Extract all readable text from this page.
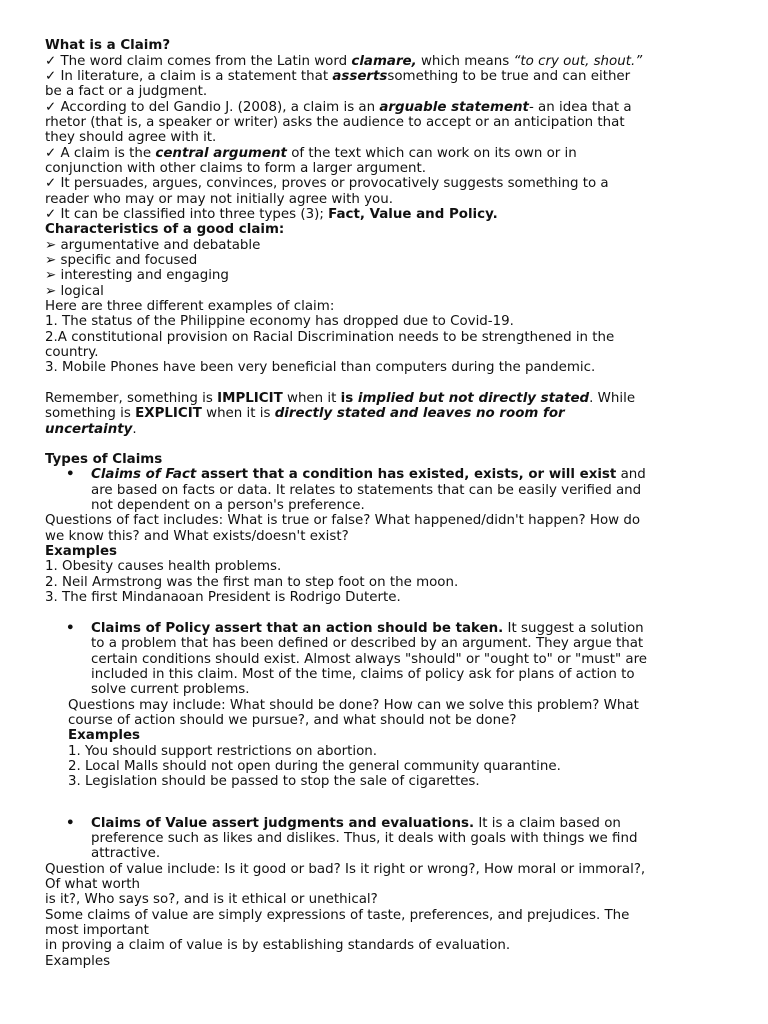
What is a Claim?
✓ The word claim comes from the Latin word clamare, which means “to cry out, shout.”
✓ In literature, a claim is a statement that assertssomething to be true and can either
be a fact or a judgment.
✓ According to del Gandio J. (2008), a claim is an arguable statement- an idea that a
rhetor (that is, a speaker or writer) asks the audience to accept or an anticipation that
they should agree with it.
✓ A claim is the central argument of the text which can work on its own or in
conjunction with other claims to form a larger argument.
✓ It persuades, argues, convinces, proves or provocatively suggests something to a
reader who may or may not initially agree with you.
✓ It can be classified into three types (3); Fact, Value and Policy.
Characteristics of a good claim:
➢ argumentative and debatable
➢ specific and focused
➢ interesting and engaging
➢ logical
Here are three different examples of claim:
1. The status of the Philippine economy has dropped due to Covid-19.
2.A constitutional provision on Racial Discrimination needs to be strengthened in the
country.
3. Mobile Phones have been very beneficial than computers during the pandemic.
Remember, something is IMPLICIT when it is implied but not directly stated. While
something is EXPLICIT when it is directly stated and leaves no room for
uncertainty.
Types of Claims
• Claims of Fact assert that a condition has existed, exists, or will exist and
are based on facts or data. It relates to statements that can be easily verified and
not dependent on a person's preference.
Questions of fact includes: What is true or false? What happened/didn't happen? How do
we know this? and What exists/doesn't exist?
Examples
1. Obesity causes health problems.
2. Neil Armstrong was the first man to step foot on the moon.
3. The first Mindanaoan President is Rodrigo Duterte.
• Claims of Policy assert that an action should be taken. It suggest a solution
to a problem that has been defined or described by an argument. They argue that
certain conditions should exist. Almost always "should" or "ought to" or "must" are
included in this claim. Most of the time, claims of policy ask for plans of action to
solve current problems.
Questions may include: What should be done? How can we solve this problem? What
course of action should we pursue?, and what should not be done?
Examples
1. You should support restrictions on abortion.
2. Local Malls should not open during the general community quarantine.
3. Legislation should be passed to stop the sale of cigarettes.
• Claims of Value assert judgments and evaluations. It is a claim based on
preference such as likes and dislikes. Thus, it deals with goals with things we find
attractive.
Question of value include: Is it good or bad? Is it right or wrong?, How moral or immoral?,
Of what worth
is it?, Who says so?, and is it ethical or unethical?
Some claims of value are simply expressions of taste, preferences, and prejudices. The
most important
in proving a claim of value is by establishing standards of evaluation.
Examples
